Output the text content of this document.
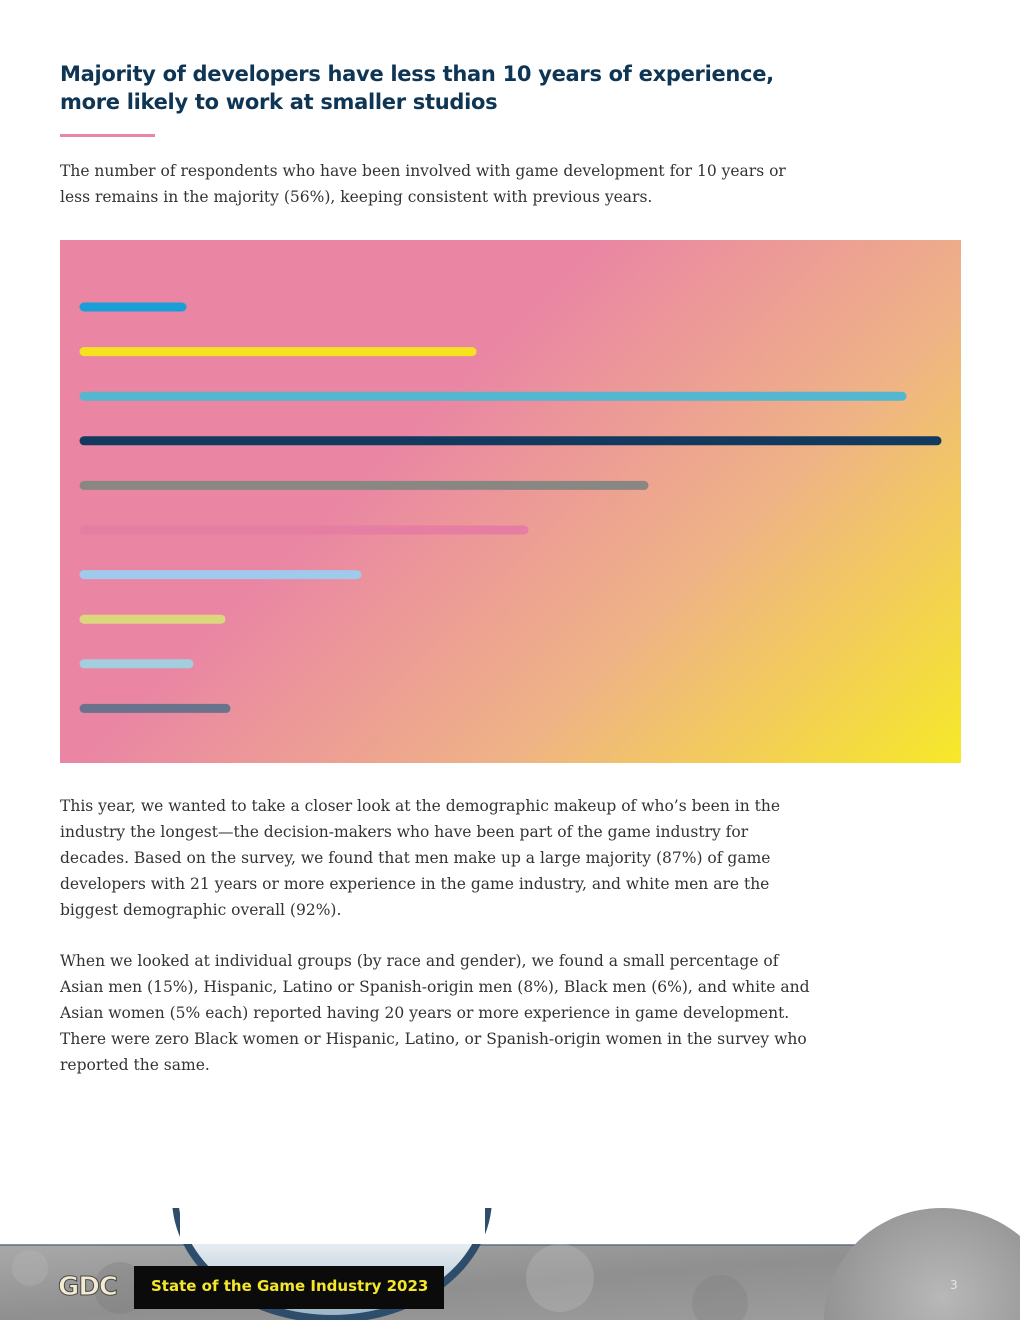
Majority of developers have less than 10 years of experience, more likely to work at smaller studios

The number of respondents who have been involved with game development for 10 years or less remains in the majority (56%), keeping consistent with previous years.

This year, we wanted to take a closer look at the demographic makeup of who’s been in the industry the longest—the decision-makers who have been part of the game industry for decades. Based on the survey, we found that men make up a large majority (87%) of game developers with 21 years or more experience in the game industry, and white men are the biggest demographic overall (92%).

When we looked at individual groups (by race and gender), we found a small percentage of Asian men (15%), Hispanic, Latino or Spanish-origin men (8%), Black men (6%), and white and Asian women (5% each) reported having 20 years or more experience in game development. There were zero Black women or Hispanic, Latino, or Spanish-origin women in the survey who reported the same.

GDC State of the Game Industry 2023	3
